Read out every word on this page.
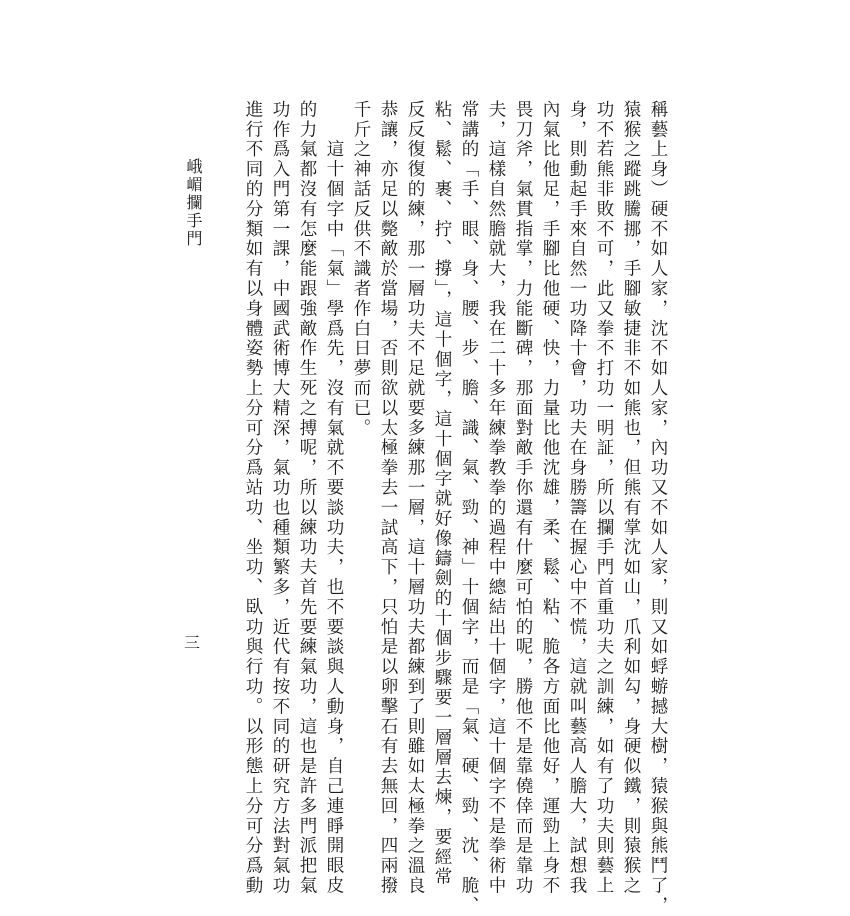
峨嵋攔手門	稱藝上身）硬不如人家，沈不如人家，內功又不如人家，則又如蜉蝣撼大樹，猿猴與熊鬥了，

猿猴之蹤跳騰挪，手腳敏捷非不如熊也，但熊有掌沈如山，爪利如勾，身硬似鐵，則猿猴之

功不若熊非敗不可，此又拳不打功一明証，所以攔手門首重功夫之訓練，如有了功夫則藝上

身，則動起手來自然一功降十會，功夫在身勝籌在握心中不慌，這就叫藝高人膽大，試想我

內氣比他足，手腳比他硬、快，力量比他沈雄，柔、鬆、粘、脆各方面比他好，運勁上身不

畏刀斧，氣貫指掌，力能斷碑，那面對敵手你還有什麼可怕的呢，勝他不是靠僥倖而是靠功

夫，這樣自然膽就大，我在二十多年練拳教拳的過程中總結出十個字，這十個字不是拳術中

常講的「手、眼、身、腰、步、膽、識、氣、勁、神」十個字，而是「氣、硬、勁、沈、脆、

粘、鬆、裹、拧、撐」，這十個字，這十個字就好像鑄劍的十個步驟要一層層去煉，要經常

反反復復的練，那一層功夫不足就要多練那一層，這十層功夫都練到了則雖如太極拳之溫良

恭讓，亦足以斃敵於當場，否則欲以太極拳去一試高下，只怕是以卵擊石有去無回，四兩撥

千斤之神話反供不識者作白日夢而已。

　　這十個字中「氣」學爲先，沒有氣就不要談功夫，也不要談與人動身，自己連睜開眼皮

的力氣都沒有怎麼能跟強敵作生死之搏呢，所以練功夫首先要練氣功，這也是許多門派把氣

功作爲入門第一課，中國武術博大精深，氣功也種類繁多，近代有按不同的研究方法對氣功

進行不同的分類如有以身體姿勢上分可分爲站功、坐功、臥功與行功。以形態上分可分爲動

三
